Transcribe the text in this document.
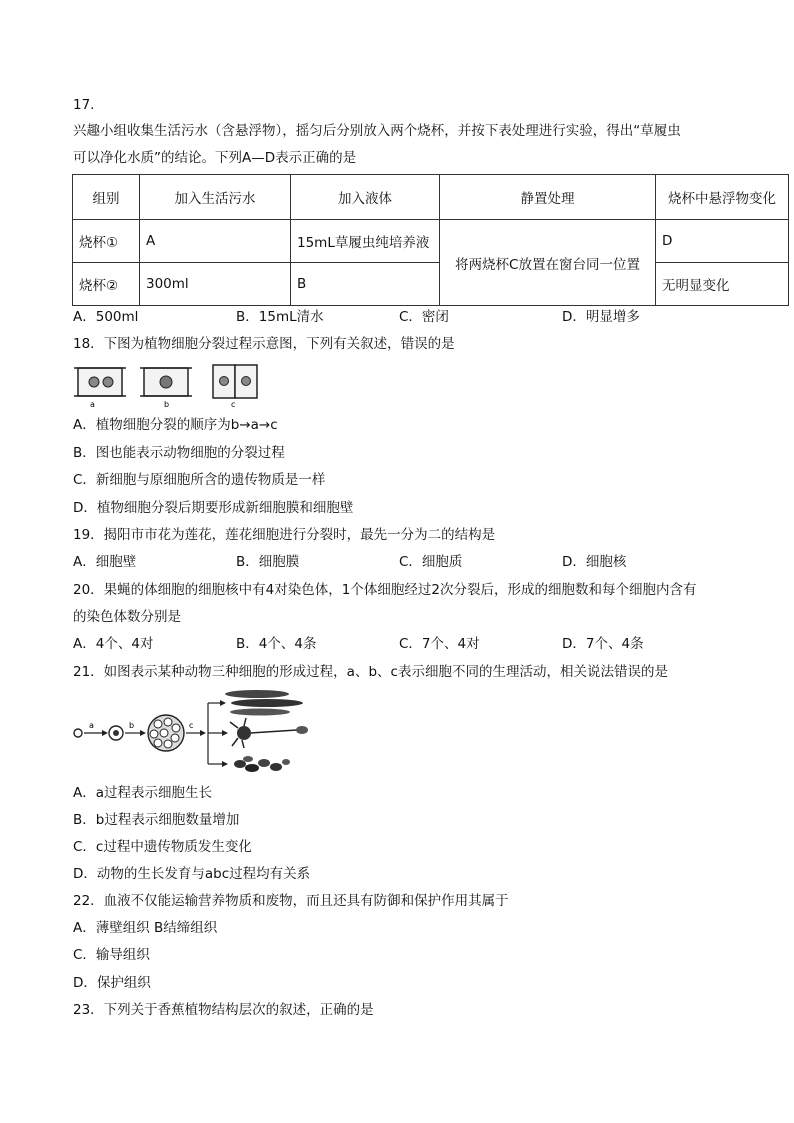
17.
兴趣小组收集生活污水（含悬浮物），摇匀后分别放入两个烧杯，并按下表处理进行实验，得出“草履虫
可以净化水质”的结论。下列A—D表示正确的是
组别	加入生活污水	加入液体	静置处理	烧杯中悬浮物变化
烧杯①	A	15mL草履虫纯培养液	将两烧杯C放置在窗台同一位置	D
烧杯②	300ml	B		无明显变化
A．500ml	B．15mL清水	C．密闭	D．明显增多
18．下图为植物细胞分裂过程示意图，下列有关叙述，错误的是
a	b	c
A．植物细胞分裂的顺序为b→a→c
B．图也能表示动物细胞的分裂过程
C．新细胞与原细胞所含的遗传物质是一样
D．植物细胞分裂后期要形成新细胞膜和细胞壁
19．揭阳市市花为莲花，莲花细胞进行分裂时，最先一分为二的结构是
A．细胞壁	B．细胞膜	C．细胞质	D．细胞核
20．果蝇的体细胞的细胞核中有4对染色体，1个体细胞经过2次分裂后，形成的细胞数和每个细胞内含有
的染色体数分别是
A．4个、4对	B．4个、4条	C．7个、4对	D．7个、4条
21．如图表示某种动物三种细胞的形成过程，a、b、c表示细胞不同的生理活动，相关说法错误的是
a	b	c
A．a过程表示细胞生长
B．b过程表示细胞数量增加
C．c过程中遗传物质发生变化
D．动物的生长发育与abc过程均有关系
22．血液不仅能运输营养物质和废物，而且还具有防御和保护作用其属于
A．薄壁组织 B结缔组织
C．输导组织
D．保护组织
23．下列关于香蕉植物结构层次的叙述，正确的是
